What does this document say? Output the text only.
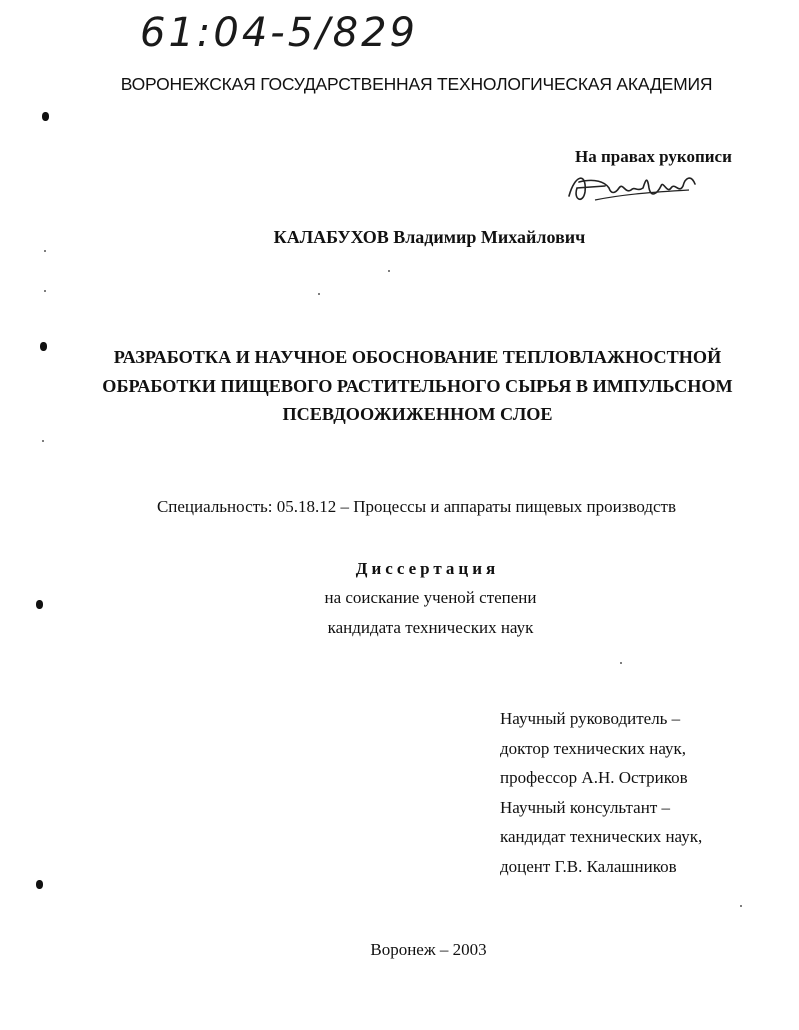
61:04-5/829
ВОРОНЕЖСКАЯ ГОСУДАРСТВЕННАЯ ТЕХНОЛОГИЧЕСКАЯ АКАДЕМИЯ
На правах рукописи
КАЛАБУХОВ Владимир Михайлович
РАЗРАБОТКА И НАУЧНОЕ ОБОСНОВАНИЕ ТЕПЛОВЛАЖНОСТНОЙ
ОБРАБОТКИ ПИЩЕВОГО РАСТИТЕЛЬНОГО СЫРЬЯ В ИМПУЛЬСНОМ
ПСЕВДООЖИЖЕННОМ СЛОЕ
Специальность: 05.18.12 – Процессы и аппараты пищевых производств
Диссертация
на соискание ученой степени
кандидата технических наук
Научный руководитель –
доктор технических наук,
профессор А.Н. Остриков
Научный консультант –
кандидат технических наук,
доцент Г.В. Калашников
Воронеж – 2003
